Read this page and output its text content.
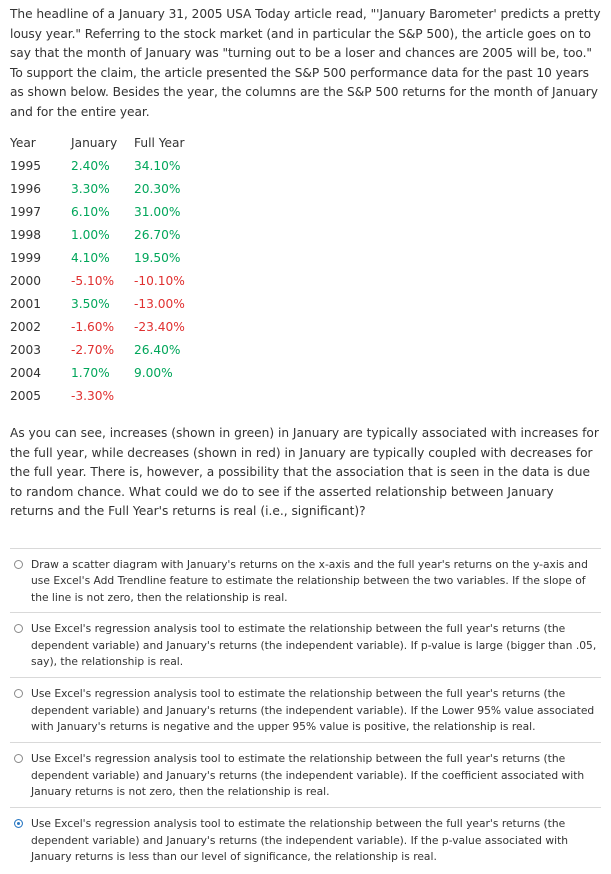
The headline of a January 31, 2005 USA Today article read, "'January Barometer' predicts a pretty lousy year." Referring to the stock market (and in particular the S&P 500), the article goes on to say that the month of January was "turning out to be a loser and chances are 2005 will be, too." To support the claim, the article presented the S&P 500 performance data for the past 10 years as shown below. Besides the year, the columns are the S&P 500 returns for the month of January and for the entire year.

Year	January	Full Year
1995	2.40%	34.10%
1996	3.30%	20.30%
1997	6.10%	31.00%
1998	1.00%	26.70%
1999	4.10%	19.50%
2000	-5.10%	-10.10%
2001	3.50%	-13.00%
2002	-1.60%	-23.40%
2003	-2.70%	26.40%
2004	1.70%	9.00%
2005	-3.30%	

As you can see, increases (shown in green) in January are typically associated with increases for the full year, while decreases (shown in red) in January are typically coupled with decreases for the full year. There is, however, a possibility that the association that is seen in the data is due to random chance. What could we do to see if the asserted relationship between January returns and the Full Year's returns is real (i.e., significant)?

Draw a scatter diagram with January's returns on the x-axis and the full year's returns on the y-axis and use Excel's Add Trendline feature to estimate the relationship between the two variables. If the slope of the line is not zero, then the relationship is real.
Use Excel's regression analysis tool to estimate the relationship between the full year's returns (the dependent variable) and January's returns (the independent variable). If p-value is large (bigger than .05, say), the relationship is real.
Use Excel's regression analysis tool to estimate the relationship between the full year's returns (the dependent variable) and January's returns (the independent variable). If the Lower 95% value associated with January's returns is negative and the upper 95% value is positive, the relationship is real.
Use Excel's regression analysis tool to estimate the relationship between the full year's returns (the dependent variable) and January's returns (the independent variable). If the coefficient associated with January returns is not zero, then the relationship is real.
Use Excel's regression analysis tool to estimate the relationship between the full year's returns (the dependent variable) and January's returns (the independent variable). If the p-value associated with January returns is less than our level of significance, the relationship is real.
